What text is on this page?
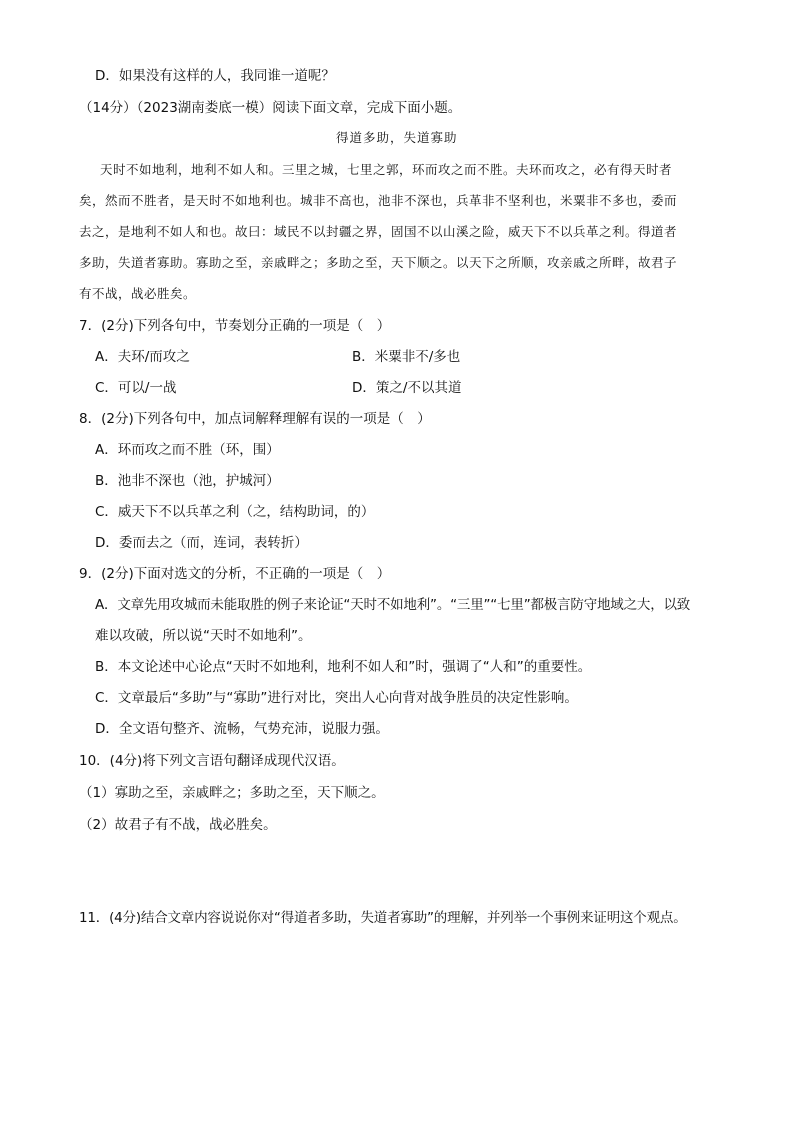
D．如果没有这样的人，我同谁一道呢？
（14分）（2023湖南娄底一模）阅读下面文章，完成下面小题。
得道多助，失道寡助
天时不如地利，地利不如人和。三里之城，七里之郭，环而攻之而不胜。夫环而攻之，必有得天时者
矣，然而不胜者，是天时不如地利也。城非不高也，池非不深也，兵革非不坚利也，米粟非不多也，委而
去之，是地利不如人和也。故曰：域民不以封疆之界，固国不以山溪之险，威天下不以兵革之利。得道者
多助，失道者寡助。寡助之至，亲戚畔之；多助之至，天下顺之。以天下之所顺，攻亲戚之所畔，故君子
有不战，战必胜矣。
7．(2分)下列各句中，节奏划分正确的一项是（　）
A．夫环/而攻之	B．米粟非不/多也
C．可以/一战	D．策之/不以其道
8．(2分)下列各句中，加点词解释理解有误的一项是（　）
A．环而攻之而不胜（环，围）
B．池非不深也（池，护城河）
C．威天下不以兵革之利（之，结构助词，的）
D．委而去之（而，连词，表转折）
9．(2分)下面对选文的分析，不正确的一项是（　）
A．文章先用攻城而未能取胜的例子来论证“天时不如地利”。“三里”“七里”都极言防守地域之大，以致
难以攻破，所以说“天时不如地利”。
B．本文论述中心论点“天时不如地利，地利不如人和”时，强调了“人和”的重要性。
C．文章最后“多助”与“寡助”进行对比，突出人心向背对战争胜员的决定性影响。
D．全文语句整齐、流畅，气势充沛，说服力强。
10．(4分)将下列文言语句翻译成现代汉语。
（1）寡助之至，亲戚畔之；多助之至，天下顺之。
（2）故君子有不战，战必胜矣。
11．(4分)结合文章内容说说你对“得道者多助，失道者寡助”的理解，并列举一个事例来证明这个观点。
